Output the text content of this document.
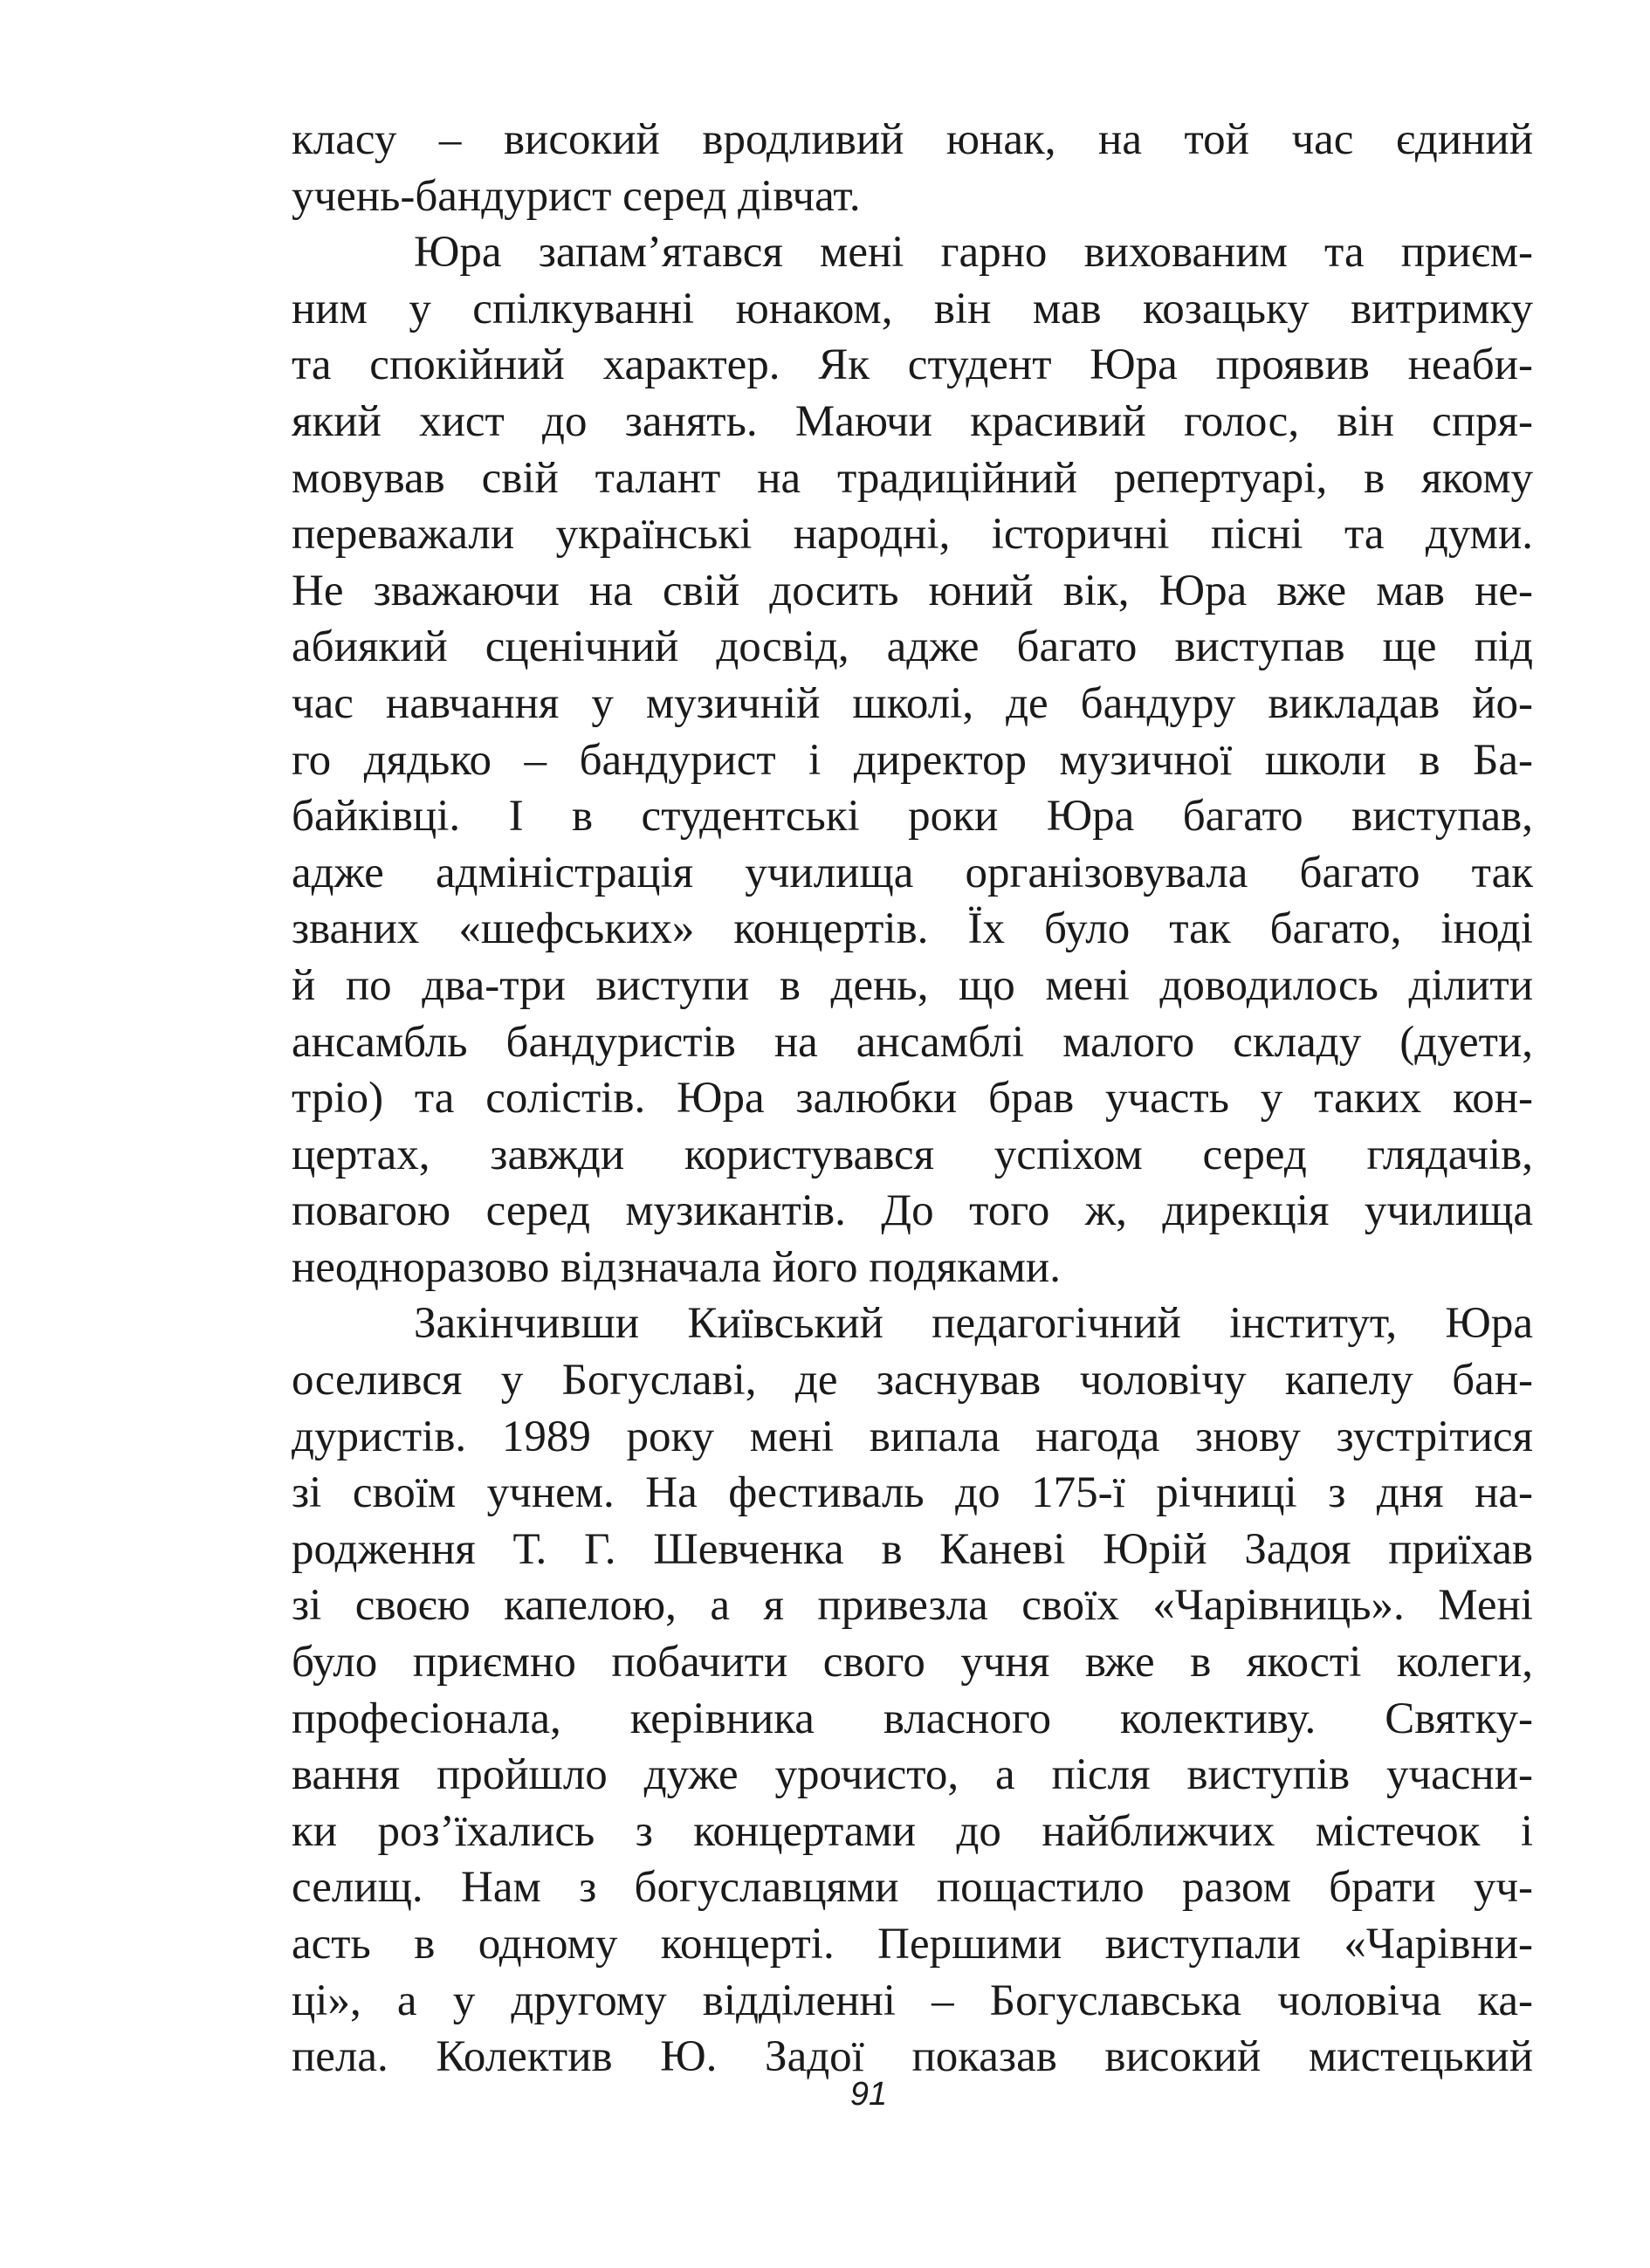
класу – високий вродливий юнак, на той час єдиний
учень-бандурист серед дівчат.
Юра запам’ятався мені гарно вихованим та приєм-
ним у спілкуванні юнаком, він мав козацьку витримку
та спокійний характер. Як студент Юра проявив неаби-
який хист до занять. Маючи красивий голос, він спря-
мовував свій талант на традиційний репертуарі, в якому
переважали українські народні, історичні пісні та думи.
Не зважаючи на свій досить юний вік, Юра вже мав не-
абиякий сценічний досвід, адже багато виступав ще під
час навчання у музичній школі, де бандуру викладав йо-
го дядько – бандурист і директор музичної школи в Ба-
байківці. І в студентські роки Юра багато виступав,
адже адміністрація училища організовувала багато так
званих «шефських» концертів. Їх було так багато, іноді
й по два-три виступи в день, що мені доводилось ділити
ансамбль бандуристів на ансамблі малого складу (дуети,
тріо) та солістів. Юра залюбки брав участь у таких кон-
цертах, завжди користувався успіхом серед глядачів,
повагою серед музикантів. До того ж, дирекція училища
неодноразово відзначала його подяками.
Закінчивши Київський педагогічний інститут, Юра
оселився у Богуславі, де заснував чоловічу капелу бан-
дуристів. 1989 року мені випала нагода знову зустрітися
зі своїм учнем. На фестиваль до 175-ї річниці з дня на-
родження Т. Г. Шевченка в Каневі Юрій Задоя приїхав
зі своєю капелою, а я привезла своїх «Чарівниць». Мені
було приємно побачити свого учня вже в якості колеги,
професіонала, керівника власного колективу. Святку-
вання пройшло дуже урочисто, а після виступів учасни-
ки роз’їхались з концертами до найближчих містечок і
селищ. Нам з богуславцями пощастило разом брати уч-
асть в одному концерті. Першими виступали «Чарівни-
ці», а у другому відділенні – Богуславська чоловіча ка-
пела. Колектив Ю. Задої показав високий мистецький
91
